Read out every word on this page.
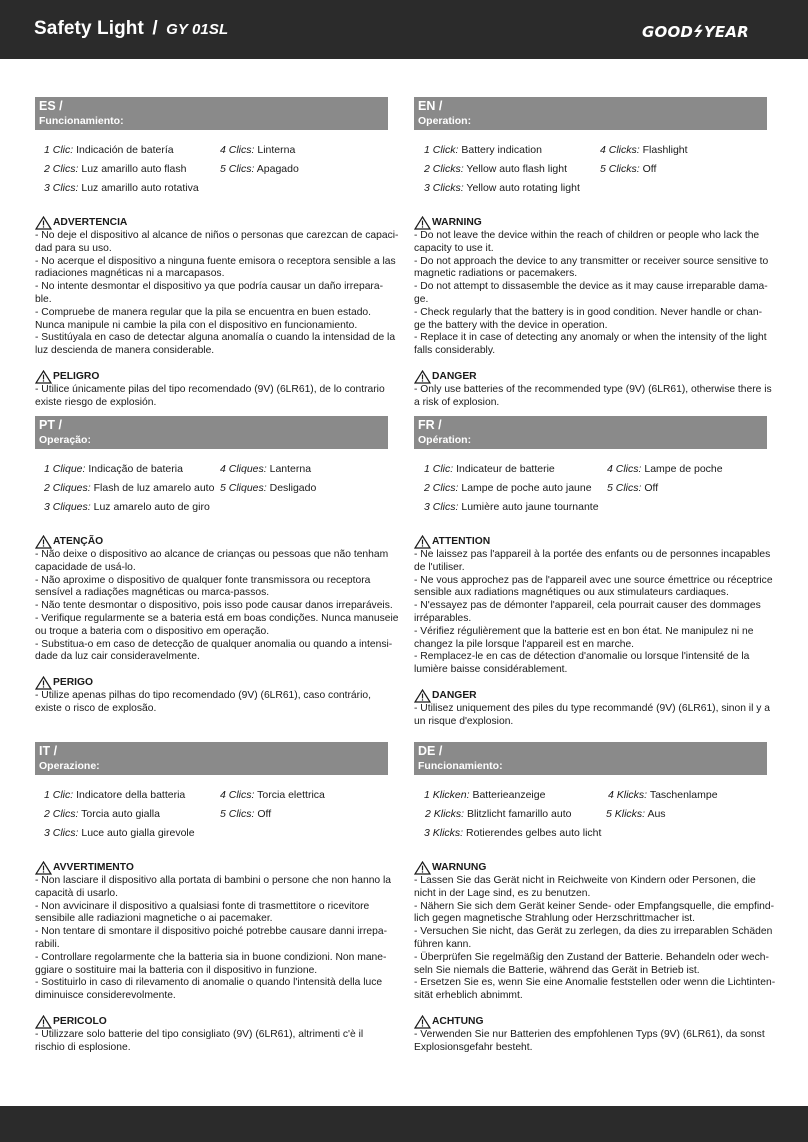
Safety Light / GY 01SL	GOODϟYEAR
ES /
Funcionamiento:
1 Clic: Indicación de batería	4 Clics: Linterna
2 Clics: Luz amarillo auto flash	5 Clics: Apagado
3 Clics: Luz amarillo auto rotativa
ADVERTENCIA
- No deje el dispositivo al alcance de niños o personas que carezcan de capaci-
dad para su uso.
- No acerque el dispositivo a ninguna fuente emisora o receptora sensible a las
radiaciones magnéticas ni a marcapasos.
- No intente desmontar el dispositivo ya que podría causar un daño irrepara-
ble.
- Compruebe de manera regular que la pila se encuentra en buen estado.
Nunca manipule ni cambie la pila con el dispositivo en funcionamiento.
- Sustitúyala en caso de detectar alguna anomalía o cuando la intensidad de la
luz descienda de manera considerable.
PELIGRO
- Utilice únicamente pilas del tipo recomendado (9V) (6LR61), de lo contrario
existe riesgo de explosión.
EN /
Operation:
1 Click: Battery indication	4 Clicks: Flashlight
2 Clicks: Yellow auto flash light	5 Clicks: Off
3 Clicks: Yellow auto rotating light
WARNING
- Do not leave the device within the reach of children or people who lack the
capacity to use it.
- Do not approach the device to any transmitter or receiver source sensitive to
magnetic radiations or pacemakers.
- Do not attempt to dissasemble the device as it may cause irreparable dama-
ge.
- Check regularly that the battery is in good condition. Never handle or chan-
ge the battery with the device in operation.
- Replace it in case of detecting any anomaly or when the intensity of the light
falls considerably.
DANGER
- Only use batteries of the recommended type (9V) (6LR61), otherwise there is
a risk of explosion.
PT /
Operação:
1 Clique: Indicação de bateria	4 Cliques: Lanterna
2 Cliques: Flash de luz amarelo auto 5 Cliques: Desligado
3 Cliques: Luz amarelo auto de giro
ATENÇÃO
- Não deixe o dispositivo ao alcance de crianças ou pessoas que não tenham
capacidade de usá-lo.
- Não aproxime o dispositivo de qualquer fonte transmissora ou receptora
sensível a radiações magnéticas ou marca-passos.
- Não tente desmontar o dispositivo, pois isso pode causar danos irreparáveis.
- Verifique regularmente se a bateria está em boas condições. Nunca manuseie
ou troque a bateria com o dispositivo em operação.
- Substitua-o em caso de detecção de qualquer anomalia ou quando a intensi-
dade da luz cair consideravelmente.
PERIGO
- Utilize apenas pilhas do tipo recomendado (9V) (6LR61), caso contrário,
existe o risco de explosão.
FR /
Opération:
1 Clic: Indicateur de batterie	4 Clics: Lampe de poche
2 Clics: Lampe de poche auto jaune 5 Clics: Off
3 Clics: Lumière auto jaune tournante
ATTENTION
- Ne laissez pas l'appareil à la portée des enfants ou de personnes incapables
de l'utiliser.
- Ne vous approchez pas de l'appareil avec une source émettrice ou réceptrice
sensible aux radiations magnétiques ou aux stimulateurs cardiaques.
- N'essayez pas de démonter l'appareil, cela pourrait causer des dommages
irréparables.
- Vérifiez régulièrement que la batterie est en bon état. Ne manipulez ni ne
changez la pile lorsque l'appareil est en marche.
- Remplacez-le en cas de détection d'anomalie ou lorsque l'intensité de la
lumière baisse considérablement.
DANGER
- Utilisez uniquement des piles du type recommandé (9V) (6LR61), sinon il y a
un risque d'explosion.
IT /
Operazione:
1 Clic: Indicatore della batteria	4 Clics: Torcia elettrica
2 Clics: Torcia auto gialla	5 Clics: Off
3 Clics: Luce auto gialla girevole
AVVERTIMENTO
- Non lasciare il dispositivo alla portata di bambini o persone che non hanno la
capacità di usarlo.
- Non avvicinare il dispositivo a qualsiasi fonte di trasmettitore o ricevitore
sensibile alle radiazioni magnetiche o ai pacemaker.
- Non tentare di smontare il dispositivo poiché potrebbe causare danni irrepa-
rabili.
- Controllare regolarmente che la batteria sia in buone condizioni. Non mane-
ggiare o sostituire mai la batteria con il dispositivo in funzione.
- Sostituirlo in caso di rilevamento di anomalie o quando l'intensità della luce
diminuisce considerevolmente.
PERICOLO
- Utilizzare solo batterie del tipo consigliato (9V) (6LR61), altrimenti c'è il
rischio di esplosione.
DE /
Funcionamiento:
1 Klicken: Batterieanzeige	4 Klicks: Taschenlampe
2 Klicks: Blitzlicht famarillo auto	5 Klicks: Aus
3 Klicks: Rotierendes gelbes auto licht
WARNUNG
- Lassen Sie das Gerät nicht in Reichweite von Kindern oder Personen, die
nicht in der Lage sind, es zu benutzen.
- Nähern Sie sich dem Gerät keiner Sende- oder Empfangsquelle, die empfind-
lich gegen magnetische Strahlung oder Herzschrittmacher ist.
- Versuchen Sie nicht, das Gerät zu zerlegen, da dies zu irreparablen Schäden
führen kann.
- Überprüfen Sie regelmäßig den Zustand der Batterie. Behandeln oder wech-
seln Sie niemals die Batterie, während das Gerät in Betrieb ist.
- Ersetzen Sie es, wenn Sie eine Anomalie feststellen oder wenn die Lichtinten-
sität erheblich abnimmt.
ACHTUNG
- Verwenden Sie nur Batterien des empfohlenen Typs (9V) (6LR61), da sonst
Explosionsgefahr besteht.
